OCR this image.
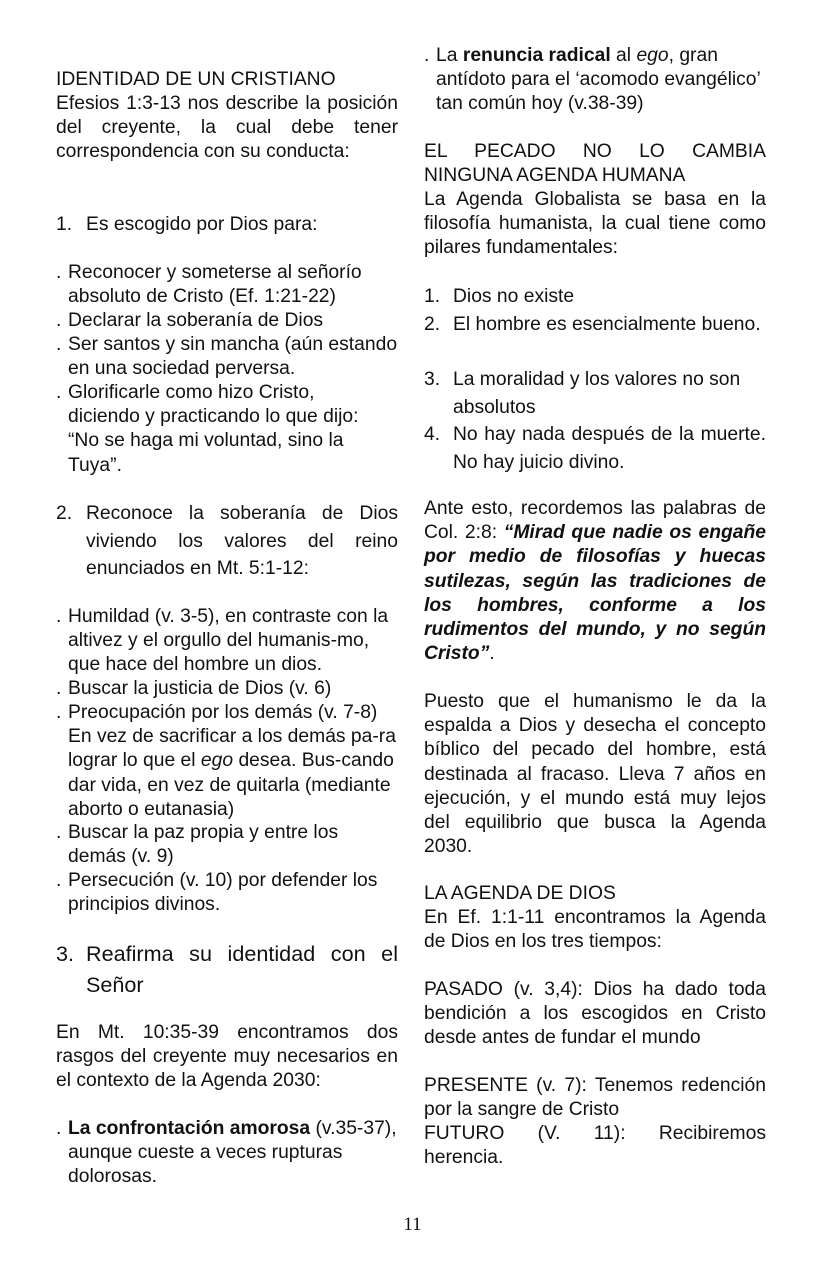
IDENTIDAD DE UN CRISTIANO
Efesios 1:3-13 nos describe la posición del creyente, la cual debe tener correspondencia con su conducta:
1. Es escogido por Dios para:
. Reconocer y someterse al señorío absoluto de Cristo (Ef. 1:21-22)
. Declarar la soberanía de Dios
. Ser santos y sin mancha (aún estando en una sociedad perversa.
. Glorificarle como hizo Cristo, diciendo y practicando lo que dijo: “No se haga mi voluntad, sino la Tuya”.
2. Reconoce la soberanía de Dios viviendo los valores del reino enunciados en Mt. 5:1-12:
. Humildad (v. 3-5), en contraste con la altivez y el orgullo del humanis-mo, que hace del hombre un dios.
. Buscar la justicia de Dios (v. 6)
. Preocupación por los demás (v. 7-8) En vez de sacrificar a los demás pa-ra lograr lo que el ego desea. Bus-cando dar vida, en vez de quitarla (mediante aborto o eutanasia)
. Buscar la paz propia y entre los demás (v. 9)
. Persecución (v. 10) por defender los principios divinos.
3. Reafirma su identidad con el Señor
En Mt. 10:35-39 encontramos dos rasgos del creyente muy necesarios en el contexto de la Agenda 2030:
. La confrontación amorosa (v.35-37), aunque cueste a veces rupturas dolorosas.
. La renuncia radical al ego, gran antídoto para el ‘acomodo evangélico’ tan común hoy (v.38-39)
EL PECADO NO LO CAMBIA
NINGUNA AGENDA HUMANA
La Agenda Globalista se basa en la filosofía humanista, la cual tiene como pilares fundamentales:
1. Dios no existe
2. El hombre es esencialmente bueno.
3. La moralidad y los valores no son absolutos
4. No hay nada después de la muerte. No hay juicio divino.
Ante esto, recordemos las palabras de Col. 2:8: “Mirad que nadie os engañe por medio de filosofías y huecas sutilezas, según las tradiciones de los hombres, conforme a los rudimentos del mundo, y no según Cristo”.
Puesto que el humanismo le da la espalda a Dios y desecha el concepto bíblico del pecado del hombre, está destinada al fracaso. Lleva 7 años en ejecución, y el mundo está muy lejos del equilibrio que busca la Agenda 2030.
LA AGENDA DE DIOS
En Ef. 1:1-11 encontramos la Agenda de Dios en los tres tiempos:
PASADO (v. 3,4): Dios ha dado toda bendición a los escogidos en Cristo desde antes de fundar el mundo
PRESENTE (v. 7): Tenemos redención por la sangre de Cristo
FUTURO (V. 11): Recibiremos herencia.
11
